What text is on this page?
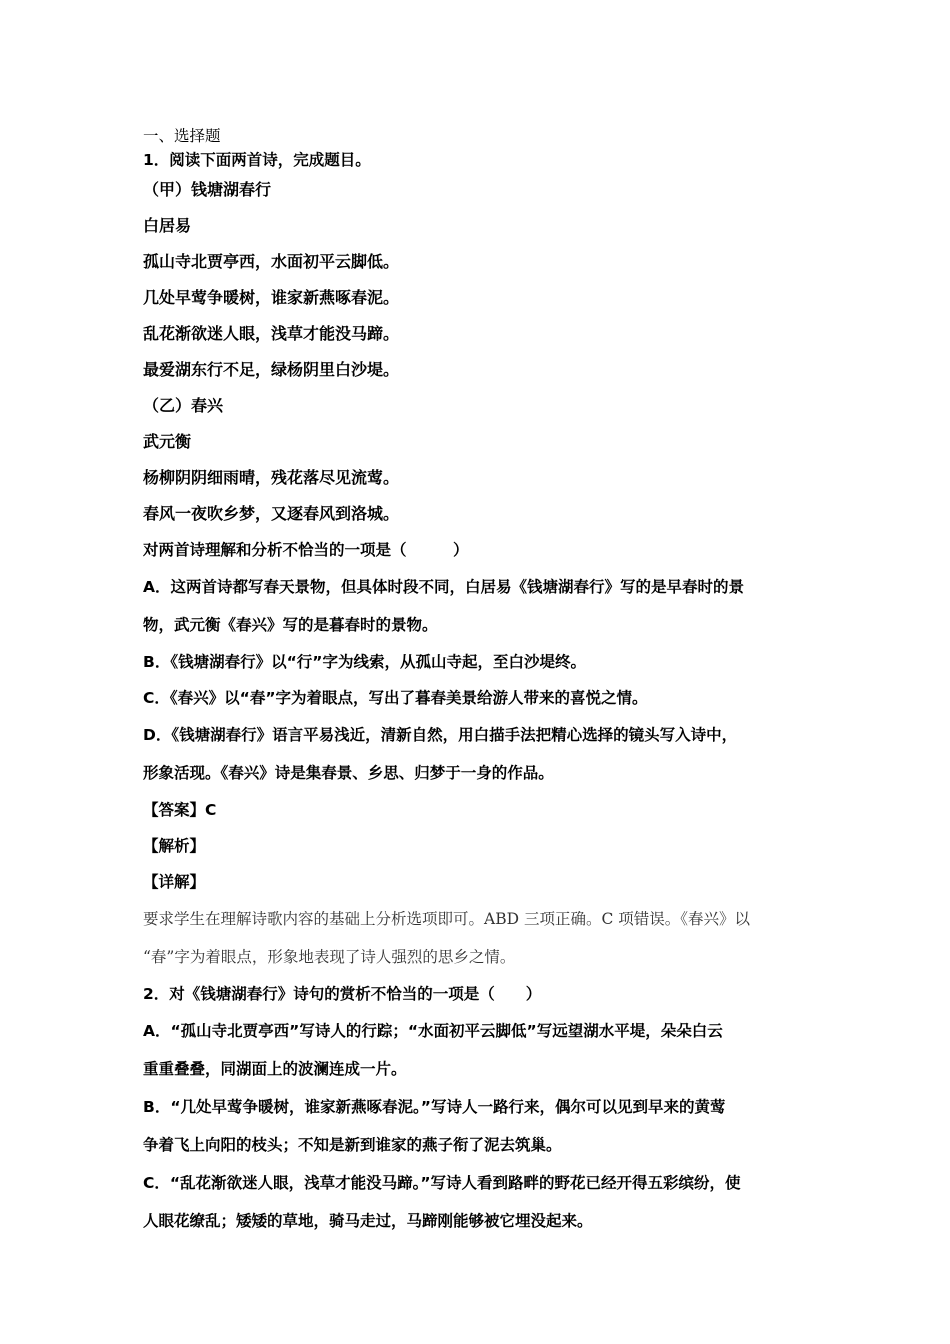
一、选择题

1．阅读下面两首诗，完成题目。

（甲）钱塘湖春行

白居易

孤山寺北贾亭西，水面初平云脚低。

几处早莺争暖树，谁家新燕啄春泥。

乱花渐欲迷人眼，浅草才能没马蹄。

最爱湖东行不足，绿杨阴里白沙堤。

（乙）春兴

武元衡

杨柳阴阴细雨晴，残花落尽见流莺。

春风一夜吹乡梦，又逐春风到洛城。

对两首诗理解和分析不恰当的一项是（　　　）

A．这两首诗都写春天景物，但具体时段不同，白居易《钱塘湖春行》写的是早春时的景

物，武元衡《春兴》写的是暮春时的景物。

B．《钱塘湖春行》以“行”字为线索，从孤山寺起，至白沙堤终。

C．《春兴》以“春”字为着眼点，写出了暮春美景给游人带来的喜悦之情。

D．《钱塘湖春行》语言平易浅近，清新自然，用白描手法把精心选择的镜头写入诗中，

形象活现。《春兴》诗是集春景、乡思、归梦于一身的作品。

【答案】C

【解析】

【详解】

要求学生在理解诗歌内容的基础上分析选项即可。ABD 三项正确。C 项错误。《春兴》以

“春”字为着眼点，形象地表现了诗人强烈的思乡之情。

2．对《钱塘湖春行》诗句的赏析不恰当的一项是（　　）

A．“孤山寺北贾亭西”写诗人的行踪；“水面初平云脚低”写远望湖水平堤，朵朵白云

重重叠叠，同湖面上的波澜连成一片。

B．“几处早莺争暖树，谁家新燕啄春泥。”写诗人一路行来，偶尔可以见到早来的黄莺

争着飞上向阳的枝头；不知是新到谁家的燕子衔了泥去筑巢。

C．“乱花渐欲迷人眼，浅草才能没马蹄。”写诗人看到路畔的野花已经开得五彩缤纷，使

人眼花缭乱；矮矮的草地，骑马走过，马蹄刚能够被它埋没起来。
